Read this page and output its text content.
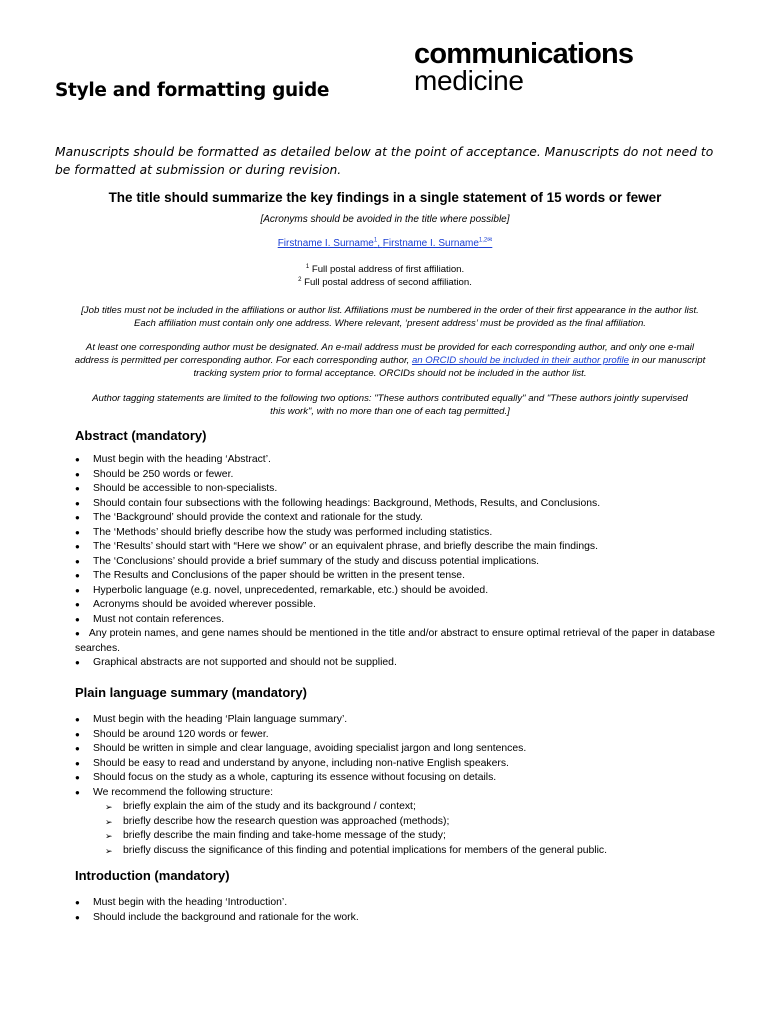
Style and formatting guide
communications
medicine
Manuscripts should be formatted as detailed below at the point of acceptance. Manuscripts do not need to be formatted at submission or during revision.
The title should summarize the key findings in a single statement of 15 words or fewer
[Acronyms should be avoided in the title where possible]
Firstname I. Surname$^1$, Firstname I. Surname$^{1,2✉}$
$^1$ Full postal address of first affiliation.
$^2$ Full postal address of second affiliation.
[Job titles must not be included in the affiliations or author list. Affiliations must be numbered in the order of their first appearance in the author list. Each affiliation must contain only one address. Where relevant, ‘present address’ must be provided as the final affiliation.
At least one corresponding author must be designated. An e-mail address must be provided for each corresponding author, and only one e-mail address is permitted per corresponding author. For each corresponding author, an ORCID should be included in their author profile in our manuscript tracking system prior to formal acceptance. ORCIDs should not be included in the author list.
Author tagging statements are limited to the following two options: "These authors contributed equally" and "These authors jointly supervised this work", with no more than one of each tag permitted.]
Abstract (mandatory)
● Must begin with the heading ‘Abstract’.
● Should be 250 words or fewer.
● Should be accessible to non-specialists.
● Should contain four subsections with the following headings: Background, Methods, Results, and Conclusions.
● The ‘Background’ should provide the context and rationale for the study.
● The ‘Methods’ should briefly describe how the study was performed including statistics.
● The ‘Results’ should start with “Here we show” or an equivalent phrase, and briefly describe the main findings.
● The ‘Conclusions’ should provide a brief summary of the study and discuss potential implications.
● The Results and Conclusions of the paper should be written in the present tense.
● Hyperbolic language (e.g. novel, unprecedented, remarkable, etc.) should be avoided.
● Acronyms should be avoided wherever possible.
● Must not contain references.
● Any protein names, and gene names should be mentioned in the title and/or abstract to ensure optimal retrieval of the paper in database searches.
● Graphical abstracts are not supported and should not be supplied.
Plain language summary (mandatory)
● Must begin with the heading ‘Plain language summary’.
● Should be around 120 words or fewer.
● Should be written in simple and clear language, avoiding specialist jargon and long sentences.
● Should be easy to read and understand by anyone, including non-native English speakers.
● Should focus on the study as a whole, capturing its essence without focusing on details.
● We recommend the following structure:
➢ briefly explain the aim of the study and its background / context;
➢ briefly describe how the research question was approached (methods);
➢ briefly describe the main finding and take-home message of the study;
➢ briefly discuss the significance of this finding and potential implications for members of the general public.
Introduction (mandatory)
● Must begin with the heading ‘Introduction’.
● Should include the background and rationale for the work.
